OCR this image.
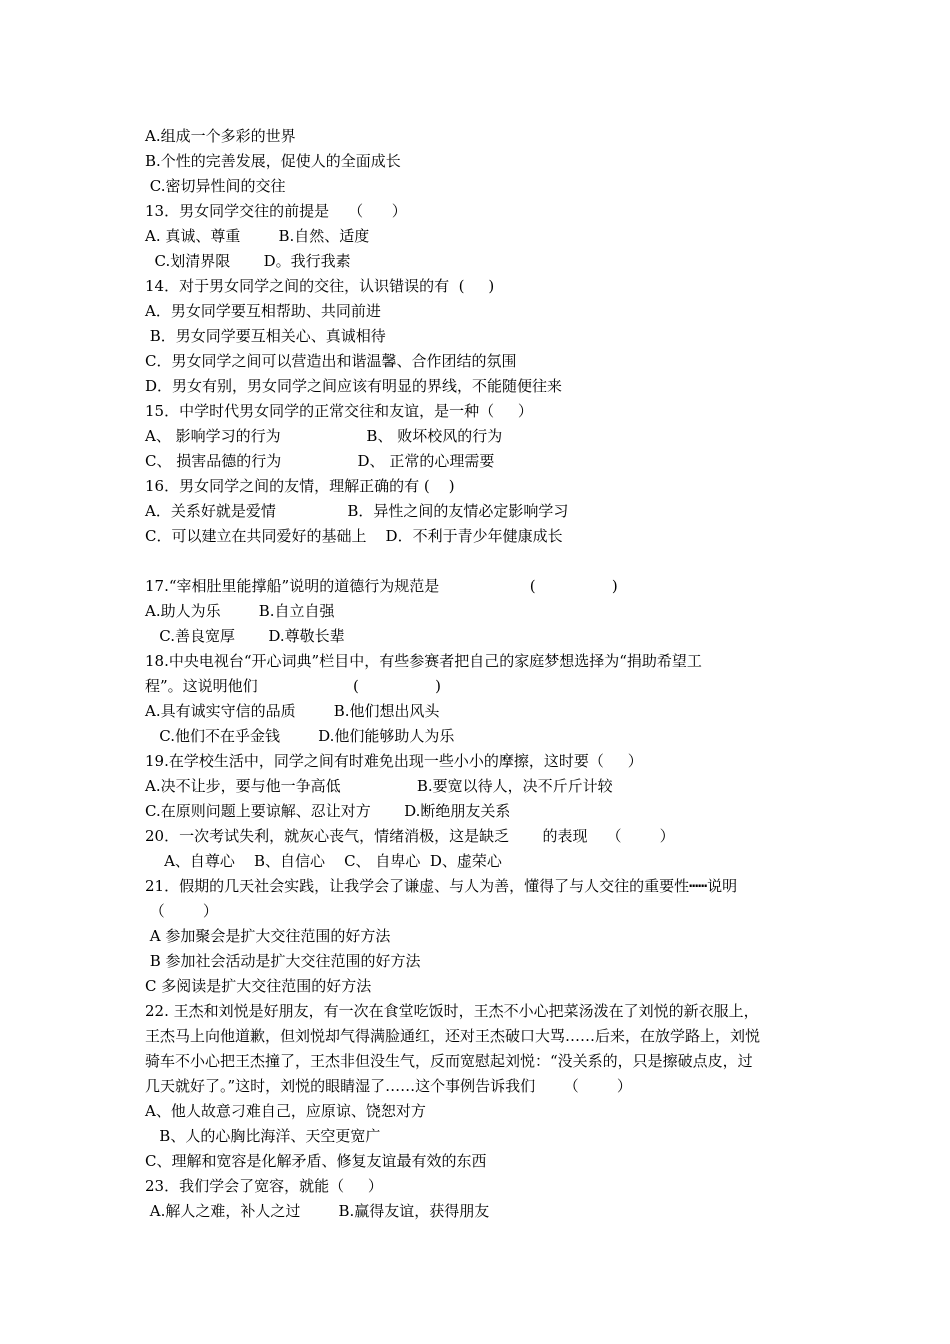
A.组成一个多彩的世界
B.个性的完善发展，促使人的全面成长
C.密切异性间的交往
13．男女同学交往的前提是    （      ）
A. 真诚、尊重        B.自然、适度
C.划清界限       D。我行我素
14．对于男女同学之间的交往，认识错误的有  (     )
A．男女同学要互相帮助、共同前进
B．男女同学要互相关心、真诚相待
C．男女同学之间可以营造出和谐温馨、合作团结的氛围
D．男女有别，男女同学之间应该有明显的界线，不能随便往来
15．中学时代男女同学的正常交往和友谊，是一种（     ）
A、 影响学习的行为                  B、 败坏校风的行为
C、 损害品德的行为                D、 正常的心理需要
16．男女同学之间的友情，理解正确的有 (    )
A．关系好就是爱情               B．异性之间的友情必定影响学习
C．可以建立在共同爱好的基础上    D．不利于青少年健康成长
17.“宰相肚里能撑船”说明的道德行为规范是                   (                )
A.助人为乐        B.自立自强
C.善良宽厚       D.尊敬长辈
18.中央电视台“开心词典”栏目中，有些参赛者把自己的家庭梦想选择为“捐助希望工
程”。这说明他们                    (                )
A.具有诚实守信的品质        B.他们想出风头
C.他们不在乎金钱        D.他们能够助人为乐
19.在学校生活中，同学之间有时难免出现一些小小的摩擦，这时要（     ）
A.决不让步，要与他一争高低                B.要宽以待人，决不斤斤计较
C.在原则问题上要谅解、忍让对方       D.断绝朋友关系
20．一次考试失利，就灰心丧气，情绪消极，这是缺乏       的表现    （        ）
A、自尊心    B、自信心    C、 自卑心  D、虚荣心
21．假期的几天社会实践，让我学会了谦虚、与人为善，懂得了与人交往的重要性┅┅说明
（        ）
A 参加聚会是扩大交往范围的好方法
B 参加社会活动是扩大交往范围的好方法
C 多阅读是扩大交往范围的好方法
22. 王杰和刘悦是好朋友，有一次在食堂吃饭时，王杰不小心把菜汤泼在了刘悦的新衣服上，
王杰马上向他道歉，但刘悦却气得满脸通红，还对王杰破口大骂……后来，在放学路上，刘悦
骑车不小心把王杰撞了，王杰非但没生气，反而宽慰起刘悦：“没关系的，只是擦破点皮，过
几天就好了。”这时，刘悦的眼睛湿了……这个事例告诉我们      （        ）
A、他人故意刁难自己，应原谅、饶恕对方
B、人的心胸比海洋、天空更宽广
C、理解和宽容是化解矛盾、修复友谊最有效的东西
23．我们学会了宽容，就能（     ）
A.解人之难，补人之过        B.赢得友谊，获得朋友
